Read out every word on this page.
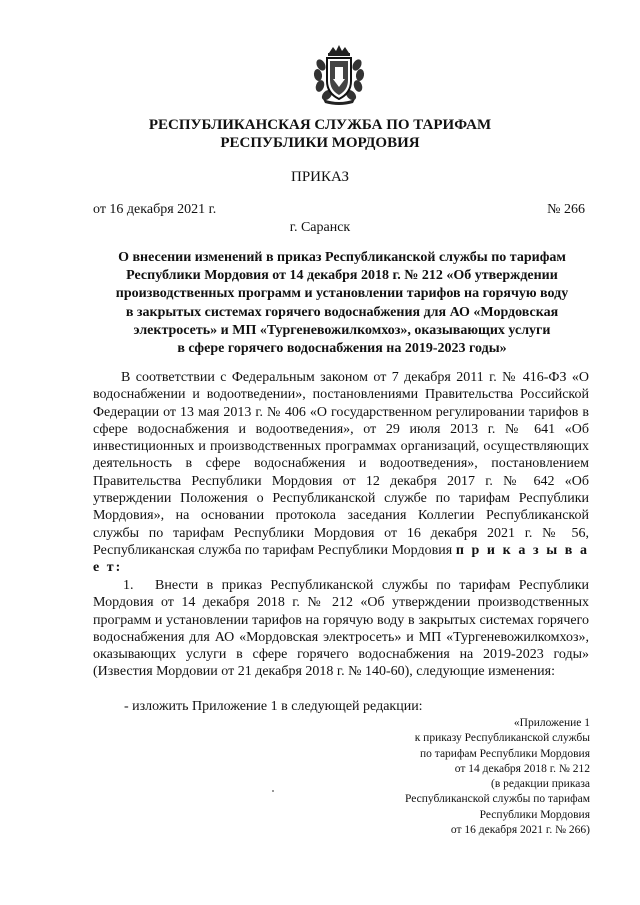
РЕСПУБЛИКАНСКАЯ СЛУЖБА ПО ТАРИФАМ
РЕСПУБЛИКИ МОРДОВИЯ
ПРИКАЗ
от 16 декабря 2021 г.	№ 266
г. Саранск
О внесении изменений в приказ Республиканской службы по тарифам
Республики Мордовия от 14 декабря 2018 г. № 212 «Об утверждении
производственных программ и установлении тарифов на горячую воду
в закрытых системах горячего водоснабжения для АО «Мордовская
электросеть» и МП «Тургеневожилкомхоз», оказывающих услуги
в сфере горячего водоснабжения на 2019-2023 годы»
В соответствии с Федеральным законом от 7 декабря 2011 г. № 416-ФЗ «О водоснабжении и водоотведении», постановлениями Правительства Российской Федерации от 13 мая 2013 г. № 406 «О государственном регулировании тарифов в сфере водоснабжения и водоотведения», от 29 июля 2013 г. № 641 «Об инвестиционных и производственных программах организаций, осуществляющих деятельность в сфере водоснабжения и водоотведения», постановлением Правительства Республики Мордовия от 12 декабря 2017 г. № 642 «Об утверждении Положения о Республиканской службе по тарифам Республики Мордовия», на основании протокола заседания Коллегии Республиканской службы по тарифам Республики Мордовия от 16 декабря 2021 г. № 56, Республиканская служба по тарифам Республики Мордовия п р и к а з ы в а е т:
1. Внести в приказ Республиканской службы по тарифам Республики Мордовия от 14 декабря 2018 г. № 212 «Об утверждении производственных программ и установлении тарифов на горячую воду в закрытых системах горячего водоснабжения для АО «Мордовская электросеть» и МП «Тургеневожилкомхоз», оказывающих услуги в сфере горячего водоснабжения на 2019-2023 годы» (Известия Мордовии от 21 декабря 2018 г. № 140-60), следующие изменения:
- изложить Приложение 1 в следующей редакции:
«Приложение 1
к приказу Республиканской службы
по тарифам Республики Мордовия
от 14 декабря 2018 г. № 212
(в редакции приказа
Республиканской службы по тарифам
Республики Мордовия
от 16 декабря 2021 г. № 266)
